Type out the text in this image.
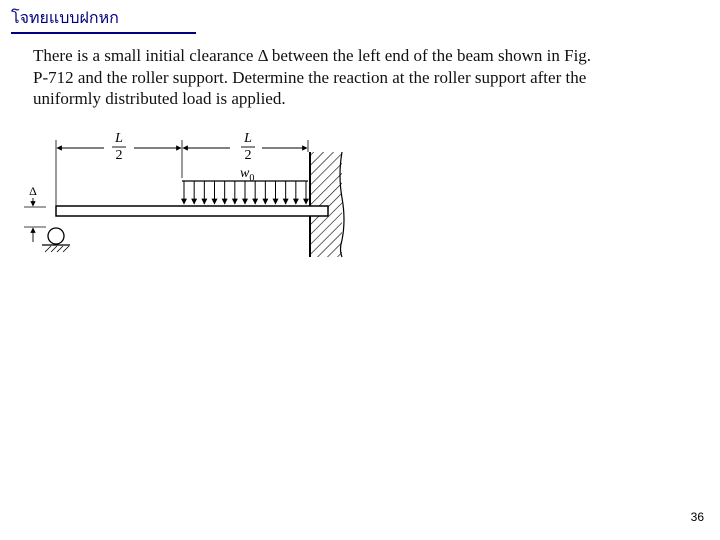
โจทยแบบฝกหก

There is a small initial clearance Δ between the left end of the beam shown in Fig.

P-712 and the roller support. Determine the reaction at the roller support after the

uniformly distributed load is applied.

L
2
L
2
$w_0$
Δ
36
